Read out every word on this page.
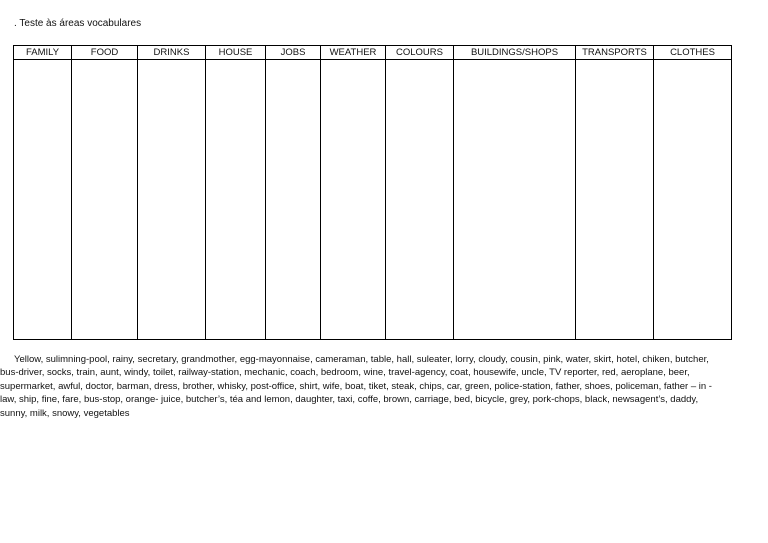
. Teste às áreas vocabulares
FAMILY	FOOD	DRINKS	HOUSE	JOBS	WEATHER	COLOURS	BUILDINGS/SHOPS	TRANSPORTS	CLOTHES

Yellow, sulimning-pool, rainy, secretary, grandmother, egg-mayonnaise, cameraman, table, hall, suleater, lorry, cloudy, cousin, pink, water, skirt, hotel, chiken, butcher, bus-driver, socks, train, aunt, windy, toilet, railway-station, mechanic, coach, bedroom, wine, travel-agency, coat, housewife, uncle, TV reporter, red, aeroplane, beer, supermarket, awful, doctor, barman, dress, brother, whisky, post-office, shirt, wife, boat, tiket, steak, chips, car, green, police-station, father, shoes, policeman, father – in -law, ship, fine, fare, bus-stop, orange- juice, butcher’s, téa and lemon, daughter, taxi, coffe, brown, carriage, bed, bicycle, grey, pork-chops, black, newsagent’s, daddy, sunny, milk, snowy, vegetables
